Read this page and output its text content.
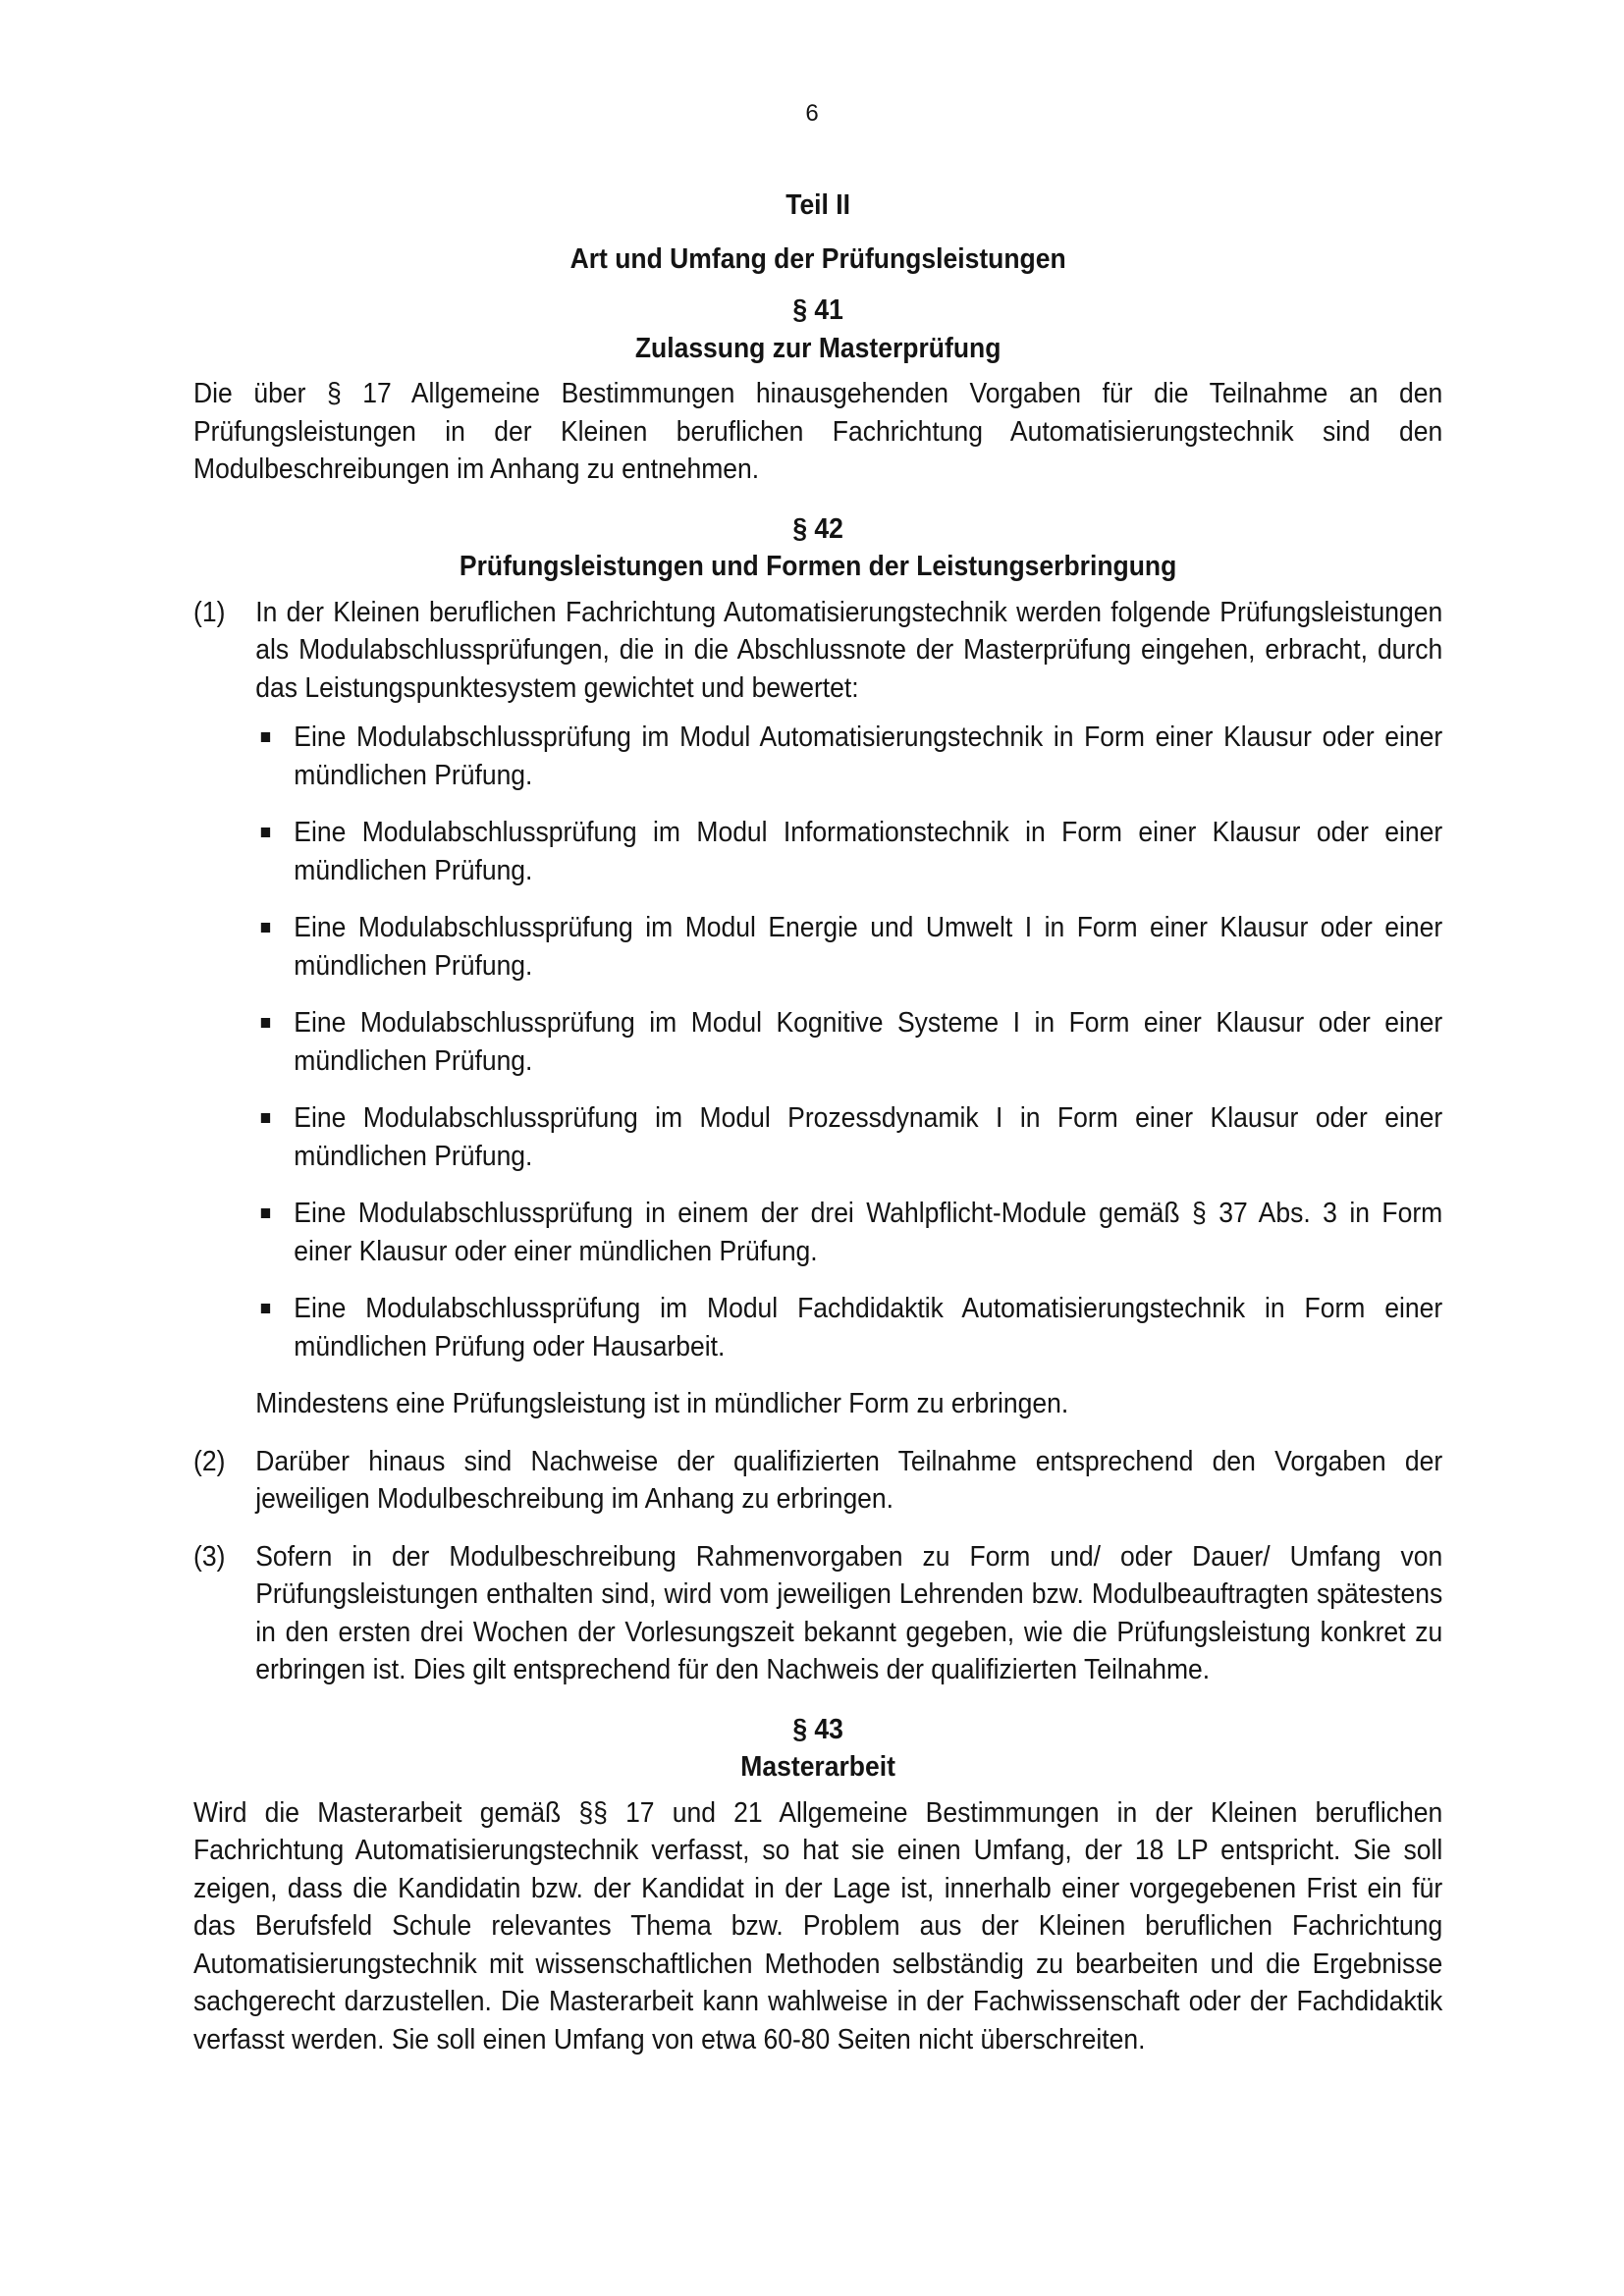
6

Teil II

Art und Umfang der Prüfungsleistungen

§ 41

Zulassung zur Masterprüfung

Die über § 17 Allgemeine Bestimmungen hinausgehenden Vorgaben für die Teilnahme an den Prüfungsleistungen in der Kleinen beruflichen Fachrichtung Automatisierungstechnik sind den Modulbeschreibungen im Anhang zu entnehmen.

§ 42

Prüfungsleistungen und Formen der Leistungserbringung

(1)	In der Kleinen beruflichen Fachrichtung Automatisierungstechnik werden folgende Prüfungsleistungen als Modulabschlussprüfungen, die in die Abschlussnote der Masterprüfung eingehen, erbracht, durch das Leistungspunktesystem gewichtet und bewertet:

Eine Modulabschlussprüfung im Modul Automatisierungstechnik in Form einer Klausur oder einer mündlichen Prüfung.
Eine Modulabschlussprüfung im Modul Informationstechnik in Form einer Klausur oder einer mündlichen Prüfung.
Eine Modulabschlussprüfung im Modul Energie und Umwelt I in Form einer Klausur oder einer mündlichen Prüfung.
Eine Modulabschlussprüfung im Modul Kognitive Systeme I in Form einer Klausur oder einer mündlichen Prüfung.
Eine Modulabschlussprüfung im Modul Prozessdynamik I in Form einer Klausur oder einer mündlichen Prüfung.
Eine Modulabschlussprüfung in einem der drei Wahlpflicht-Module gemäß § 37 Abs. 3 in Form einer Klausur oder einer mündlichen Prüfung.
Eine Modulabschlussprüfung im Modul Fachdidaktik Automatisierungstechnik in Form einer mündlichen Prüfung oder Hausarbeit.

Mindestens eine Prüfungsleistung ist in mündlicher Form zu erbringen.

(2)	Darüber hinaus sind Nachweise der qualifizierten Teilnahme entsprechend den Vorgaben der jeweiligen Modulbeschreibung im Anhang zu erbringen.

(3)	Sofern in der Modulbeschreibung Rahmenvorgaben zu Form und/ oder Dauer/ Umfang von Prüfungsleistungen enthalten sind, wird vom jeweiligen Lehrenden bzw. Modulbeauftragten spätestens in den ersten drei Wochen der Vorlesungszeit bekannt gegeben, wie die Prüfungsleistung konkret zu erbringen ist. Dies gilt entsprechend für den Nachweis der qualifizierten Teilnahme.

§ 43

Masterarbeit

Wird die Masterarbeit gemäß §§ 17 und 21 Allgemeine Bestimmungen in der Kleinen beruflichen Fachrichtung Automatisierungstechnik verfasst, so hat sie einen Umfang, der 18 LP entspricht. Sie soll zeigen, dass die Kandidatin bzw. der Kandidat in der Lage ist, innerhalb einer vorgegebenen Frist ein für das Berufsfeld Schule relevantes Thema bzw. Problem aus der Kleinen beruflichen Fachrichtung Automatisierungstechnik mit wissenschaftlichen Methoden selbständig zu bearbeiten und die Ergebnisse sachgerecht darzustellen. Die Masterarbeit kann wahlweise in der Fachwissenschaft oder der Fachdidaktik verfasst werden. Sie soll einen Umfang von etwa 60-80 Seiten nicht überschreiten.
